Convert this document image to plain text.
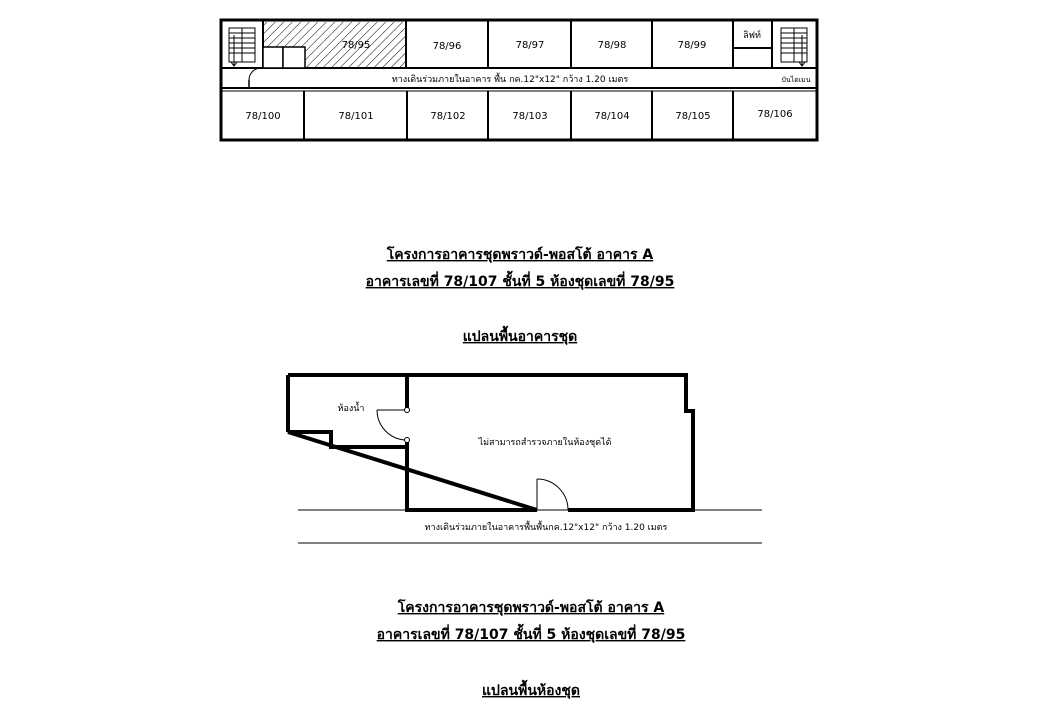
78/95	78/96	78/97	78/98	78/99
ลิฟท์
บันไดเมน
ทางเดินร่วมภายในอาคาร พื้น กค.12"x12" กว้าง 1.20 เมตร
78/100	78/101	78/102	78/103	78/104	78/105	78/106
โครงการอาคารชุดพราวด์-พอสโต้ อาคาร A
อาคารเลขที่ 78/107 ชั้นที่ 5 ห้องชุดเลขที่ 78/95
แปลนพื้นอาคารชุด
ห้องน้ำ
ไม่สามารถสำรวจภายในห้องชุดได้
ทางเดินร่วมภายในอาคารพื้นพื้นกค.12"x12" กว้าง 1.20 เมตร
โครงการอาคารชุดพราวด์-พอสโต้ อาคาร A
อาคารเลขที่ 78/107 ชั้นที่ 5 ห้องชุดเลขที่ 78/95
แปลนพื้นห้องชุด
